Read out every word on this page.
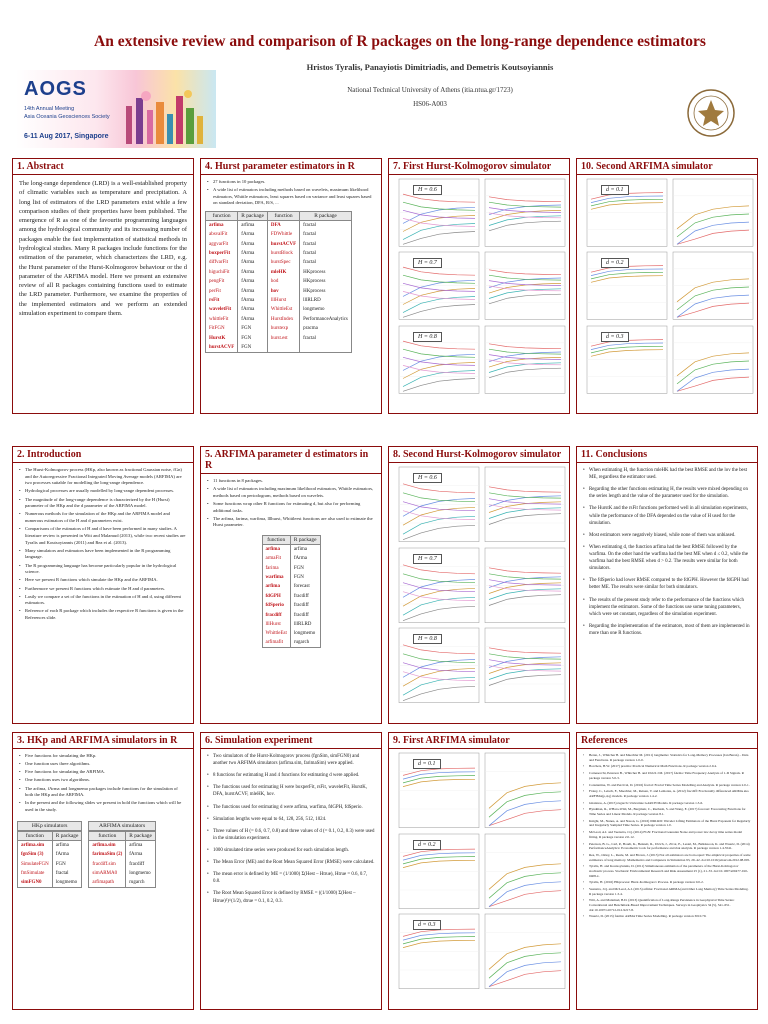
AOGS
14th Annual Meeting
Asia Oceania Geosciences Society
6-11 Aug 2017, Singapore
An extensive review and comparison of R packages on the long-range dependence estimators
Hristos Tyralis, Panayiotis Dimitriadis, and Demetris Koutsoyiannis
National Technical University of Athens (itia.ntua.gr/1723)
HS06-A003
1. Abstract
The long-range dependence (LRD) is a well-established property of climatic variables such as temperature and precipitation. A long list of estimators of the LRD parameters exist while a few comparison studies of their properties have been published. The emergence of R as one of the favourite programming languages among the hydrological community and its increasing number of packages enable the fast implementation of statistical methods in hydrological studies. Many R packages include functions for the estimation of the parameter, which characterizes the LRD, e.g. the Hurst parameter of the Hurst-Kolmogorov behaviour or the d parameter of the ARFIMA model. Here we present an extensive review of all R packages containing functions used to estimate the LRD parameter. Furthermore, we examine the properties of the implemented estimators and we perform an extended simulation experiment to compare them.
4. Hurst parameter estimators in R
• 27 functions in 10 packages.
• A wide list of estimators including methods based on wavelets, maximum likelihood estimators, Whittle estimators, least squares based on variance and least squares based on standard deviation, DFA, R/S, ...
function	R package	function	R package
arfima	arfima	DFA	fractal
absvalFit	fArma	FDWhittle	fractal
aggvarFit	fArma	hurstACVF	fractal
boxperFit	fArma	hurstBlock	fractal
diffvarFit	fArma	hurstSpec	fractal
higuchiFit	fArma	mleHK	HKprocess
pengFit	fArma	hod	HKprocess
perFit	fArma	hov	HKprocess
rsFit	fArma	lllHurst	lllRLRD
waveletFit	fArma	WhittleEst	longmemo
whittleFit	fArma	HurstIndex	PerformanceAnalytics
FitFGN	FGN	hurstexp	pracma
HurstK	FGN	hurst.est	fractal
hurstACVF	FGN		
7. First Hurst-Kolmogorov simulator
H = 0.6
H = 0.7
H = 0.8
10. Second ARFIMA simulator
d = 0.1
d = 0.2
d = 0.3
2. Introduction
• The Hurst-Kolmogorov process (HKp, also known as fractional Gaussian noise, fGn) and the Autoregressive Fractional Integrated Moving Average models (ARFIMA) are two processes suitable for modelling the long-range dependence.
• Hydrological processes are usually modelled by long-range dependent processes.
• The magnitude of the long-range dependence is characterized by the H (Hurst) parameter of the HKp and the d parameter of the ARFIMA model.
• Numerous methods for the simulation of the HKp and the ARFIMA model and numerous estimators of the H and d parameters exist.
• Comparisons of the estimators of H and d have been performed in many studies. A literature review is presented in Witt and Malamud (2013), while two recent studies are Tyralis and Koutsoyiannis (2011) and Rea et al. (2013).
• Many simulators and estimators have been implemented in the R programming language.
• The R programming language has become particularly popular in the hydrological science.
• Here we present R functions which simulate the HKp and the ARFIMA.
• Furthermore we present R functions which estimate the H and d parameters.
• Lastly we compare a set of the functions in the estimation of H and d, using different estimators.
• Reference of each R package which includes the respective R functions is given in the References slide.
5. ARFIMA parameter d estimators in R
• 11 functions in 8 packages.
• A wide list of estimators including maximum likelihood estimators, Whittle estimators, methods based on periodogram, methods based on wavelets.
• Some functions wrap other R functions for estimating d, but also for performing additional tasks.
• The arfima, farima, warfima, lllhurst, Whittleest functions are also used to estimate the Hurst parameter.
function	R package
arfima	arfima
armaFit	fArma
farima	FGN
warfima	FGN
arfima	forecast
fdGPH	fracdiff
fdSperio	fracdiff
fracdiff	fracdiff
lllHurst	lllRLRD
WhittleEst	longmemo
arfimafit	rugarch
8. Second Hurst-Kolmogorov simulator
H = 0.6
H = 0.7
H = 0.8
11. Conclusions
• When estimating H, the function mleHK had the best RMSE and the lov the best ME, regardless the estimator used.
• Regarding the other functions estimating H, the results were mixed depending on the series length and the value of the parameter used for the simulation.
• The HurstK and the rsFit functions performed well in all simulation experiments, while the performance of the DFA depended on the value of H used for the simulation.
• Most estimators were negatively biased, while none of them was unbiased.
• When estimating d, the function arfima had the best RMSE followed by the warfima. On the other hand the warfima had the best ME when d ≤ 0.2, while the warfima had the best RMSE when d > 0.2. The results were similar for both simulators.
• The fdSperio had lower RMSE compared to the fdGPH. However the fdGPH had better ME. The results were similar for both simulators.
• The results of the present study refer to the performance of the functions which implement the estimators. Some of the functions use some tuning parameters, which were set constant, regardless of the simulation experiment.
• Regarding the implementation of the estimators, most of them are implemented in more than one R functions.
3. HKp and ARFIMA simulators in R
• Five functions for simulating the HKp.
• One function uses three algorithms.
• Five functions for simulating the ARFIMA.
• One functions uses two algorithms.
• The arfima, fArma and longmemo packages include functions for the simulation of both the HKp and the ARFIMA.
• In the present and the following slides we present in bold the functions which will be used in the study.
HKp simulators
function	R package
arfima.sim	arfima
fgnSim (3)	fArma
SimulateFGN	FGN
fmSimulate	fractal
simFGN0	longmemo
ARFIMA simulators
function	R package
arfima.sim	arfima
farimaSim (2)	fArma
fracdiff.sim	fracdiff
simARMA0	longmemo
arfimapath	rugarch
6. Simulation experiment
• Two simulators of the Hurst-Kolmogorov process (fgnSim, simFGN0) and another two ARFIMA simulators (arfima.sim, farimaSim) were applied.
• 8 functions for estimating H and 4 functions for estimating d were applied.
• The functions used for estimating H were boxperFit, rsFit, waveletFit, HurstK, DFA, hurstACVF, mleHK, hov.
• The functions used for estimating d were arfima, warfima, fdGPH, fdSperio.
• Simulation lengths were equal to 64, 128, 256, 512, 1024.
• Three values of H (= 0.6, 0.7, 0.8) and three values of d (= 0.1, 0.2, 0.3) were used in the simulation experiment.
• 1000 simulated time series were produced for each simulation length.
• The Mean Error (ME) and the Root Mean Squared Error (RMSE) were calculated.
• The mean error is defined by ME = (1/1000) Σ(Hest – Htrue), Htrue = 0.6, 0.7, 0.8.
• The Root Mean Squared Error is defined by RMSE = ((1/1000) Σ(Hest – Htrue)²)^(1/2), dtrue = 0.1, 0.2, 0.3.
9. First ARFIMA simulator
d = 0.1
d = 0.2
d = 0.3
References
• Beran, J., Whitcher B. and Maechler M. (2011) longmemo: Statistics for Long-Memory Processes (Jan Beran) – Data and Functions. R package version 1.0-0.
• Borchers, H.W. (2017) pracma: Practical Numerical Math Functions. R package version 2.0.4.
• Carnesecchi, Peterson B., Whitcher B. and Ulrich J.M. (2017) fArma: Time Frequency Analysis of 1-D Signals. R package version 3.0-3.
• Constantine, W. and Percival, D. (2016) fractal: Fractal Time Series Modelling and Analysis. R package version 2.0-1.
• Fraley, C., Leisch, F., Maechler, M., Reisen, V. and Lemonte, A. (2012) fracdiff: Fractionally differenced ARIMA aka ARFIMA(p,d,q) models. R package version 1.4-2.
• Ghalanos, A. (2015) rugarch: Univariate GARCH Models. R package version 1.3-6.
• Hyndman, R., O'Hara-Wild, M., Bergmeir, C., Razbash, S. and Wang, E. (2017) forecast: Forecasting Functions for Time Series and Linear Models. R package version 8.1.
• Knight, M., Nunes, A. and Nason, G. (2016) lllRLRD: Wavelet Lifting Estimators of the Hurst Exponent for Regularly and Irregularly Sampled Time Series. R package version 1.0.
• McLeod, A.I. and Veenstra, J.Q. (2014) FGN: Fractional Gaussian Noise and power law decay time series model fitting. R package version 2.0-12.
• Peterson, B. G., Carl, P., Boudt, K., Bennett, R., Ulrich, J., Zivot, E., Lestel, M., Balkissoon, K. and Wuertz, D. (2014) PerformanceAnalytics: Econometric tools for performance and risk analysis. R package version 1.4.3541.
• Rea, W., Oxley, L., Reale, M. and Brown, J. (2013) Not all estimators are born equal: The empirical properties of some estimators of long memory. Mathematics and Computers in Simulation 93, 29–42. doi:10.1016/j.matcom.2012.08.005.
• Tyralis, H. and Koutsoyiannis, D. (2011) Simultaneous estimation of the parameters of the Hurst-Kolmogorov stochastic process. Stochastic Environmental Research and Risk Assessment 25 (1), 21–33. doi:10.1007/s00477-010-0408-x.
• Tyralis, H. (2016) HKprocess: Hurst-Kolmogorov Process. R package version 0.0-2.
• Veenstra, J.Q. and McLeod, A.I. (2015) arfima: Fractional ARIMA (and Other Long Memory) Time Series Modeling. R package version 1.3-4.
• Witt, A. and Malamud, B.D. (2013) Quantification of Long-Range Persistence in Geophysical Time Series: Conventional and Benchmark-Based Improvement Techniques. Surveys in Geophysics 34 (5), 541–651. doi:10.1007/s10712-012-9217-8.
• Wuertz, D. (2013) fArma: ARMA Time Series Modelling. R package version 3010.79.
